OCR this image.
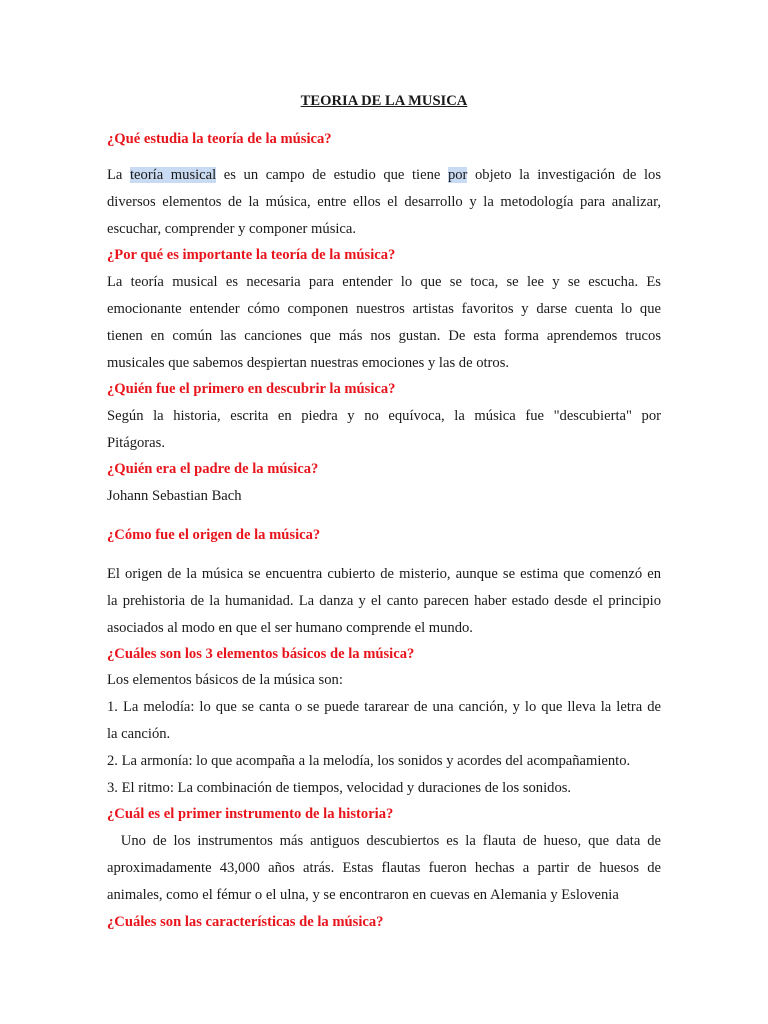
TEORIA DE LA MUSICA
¿Qué estudia la teoría de la música?
La teoría musical es un campo de estudio que tiene por objeto la investigación de los
diversos elementos de la música, entre ellos el desarrollo y la metodología para analizar,
escuchar, comprender y componer música.
¿Por qué es importante la teoría de la música?
La teoría musical es necesaria para entender lo que se toca, se lee y se escucha. Es
emocionante entender cómo componen nuestros artistas favoritos y darse cuenta lo que
tienen en común las canciones que más nos gustan. De esta forma aprendemos trucos
musicales que sabemos despiertan nuestras emociones y las de otros.
¿Quién fue el primero en descubrir la música?
Según la historia, escrita en piedra y no equívoca, la música fue "descubierta" por
Pitágoras.
¿Quién era el padre de la música?
Johann Sebastian Bach
¿Cómo fue el origen de la música?
El origen de la música se encuentra cubierto de misterio, aunque se estima que comenzó en
la prehistoria de la humanidad. La danza y el canto parecen haber estado desde el principio
asociados al modo en que el ser humano comprende el mundo.
¿Cuáles son los 3 elementos básicos de la música?
Los elementos básicos de la música son:
1. La melodía: lo que se canta o se puede tararear de una canción, y lo que lleva la letra de
la canción.
2. La armonía: lo que acompaña a la melodía, los sonidos y acordes del acompañamiento.
3. El ritmo: La combinación de tiempos, velocidad y duraciones de los sonidos.
¿Cuál es el primer instrumento de la historia?
Uno de los instrumentos más antiguos descubiertos es la flauta de hueso, que data de
aproximadamente 43,000 años atrás. Estas flautas fueron hechas a partir de huesos de
animales, como el fémur o el ulna, y se encontraron en cuevas en Alemania y Eslovenia
¿Cuáles son las características de la música?
